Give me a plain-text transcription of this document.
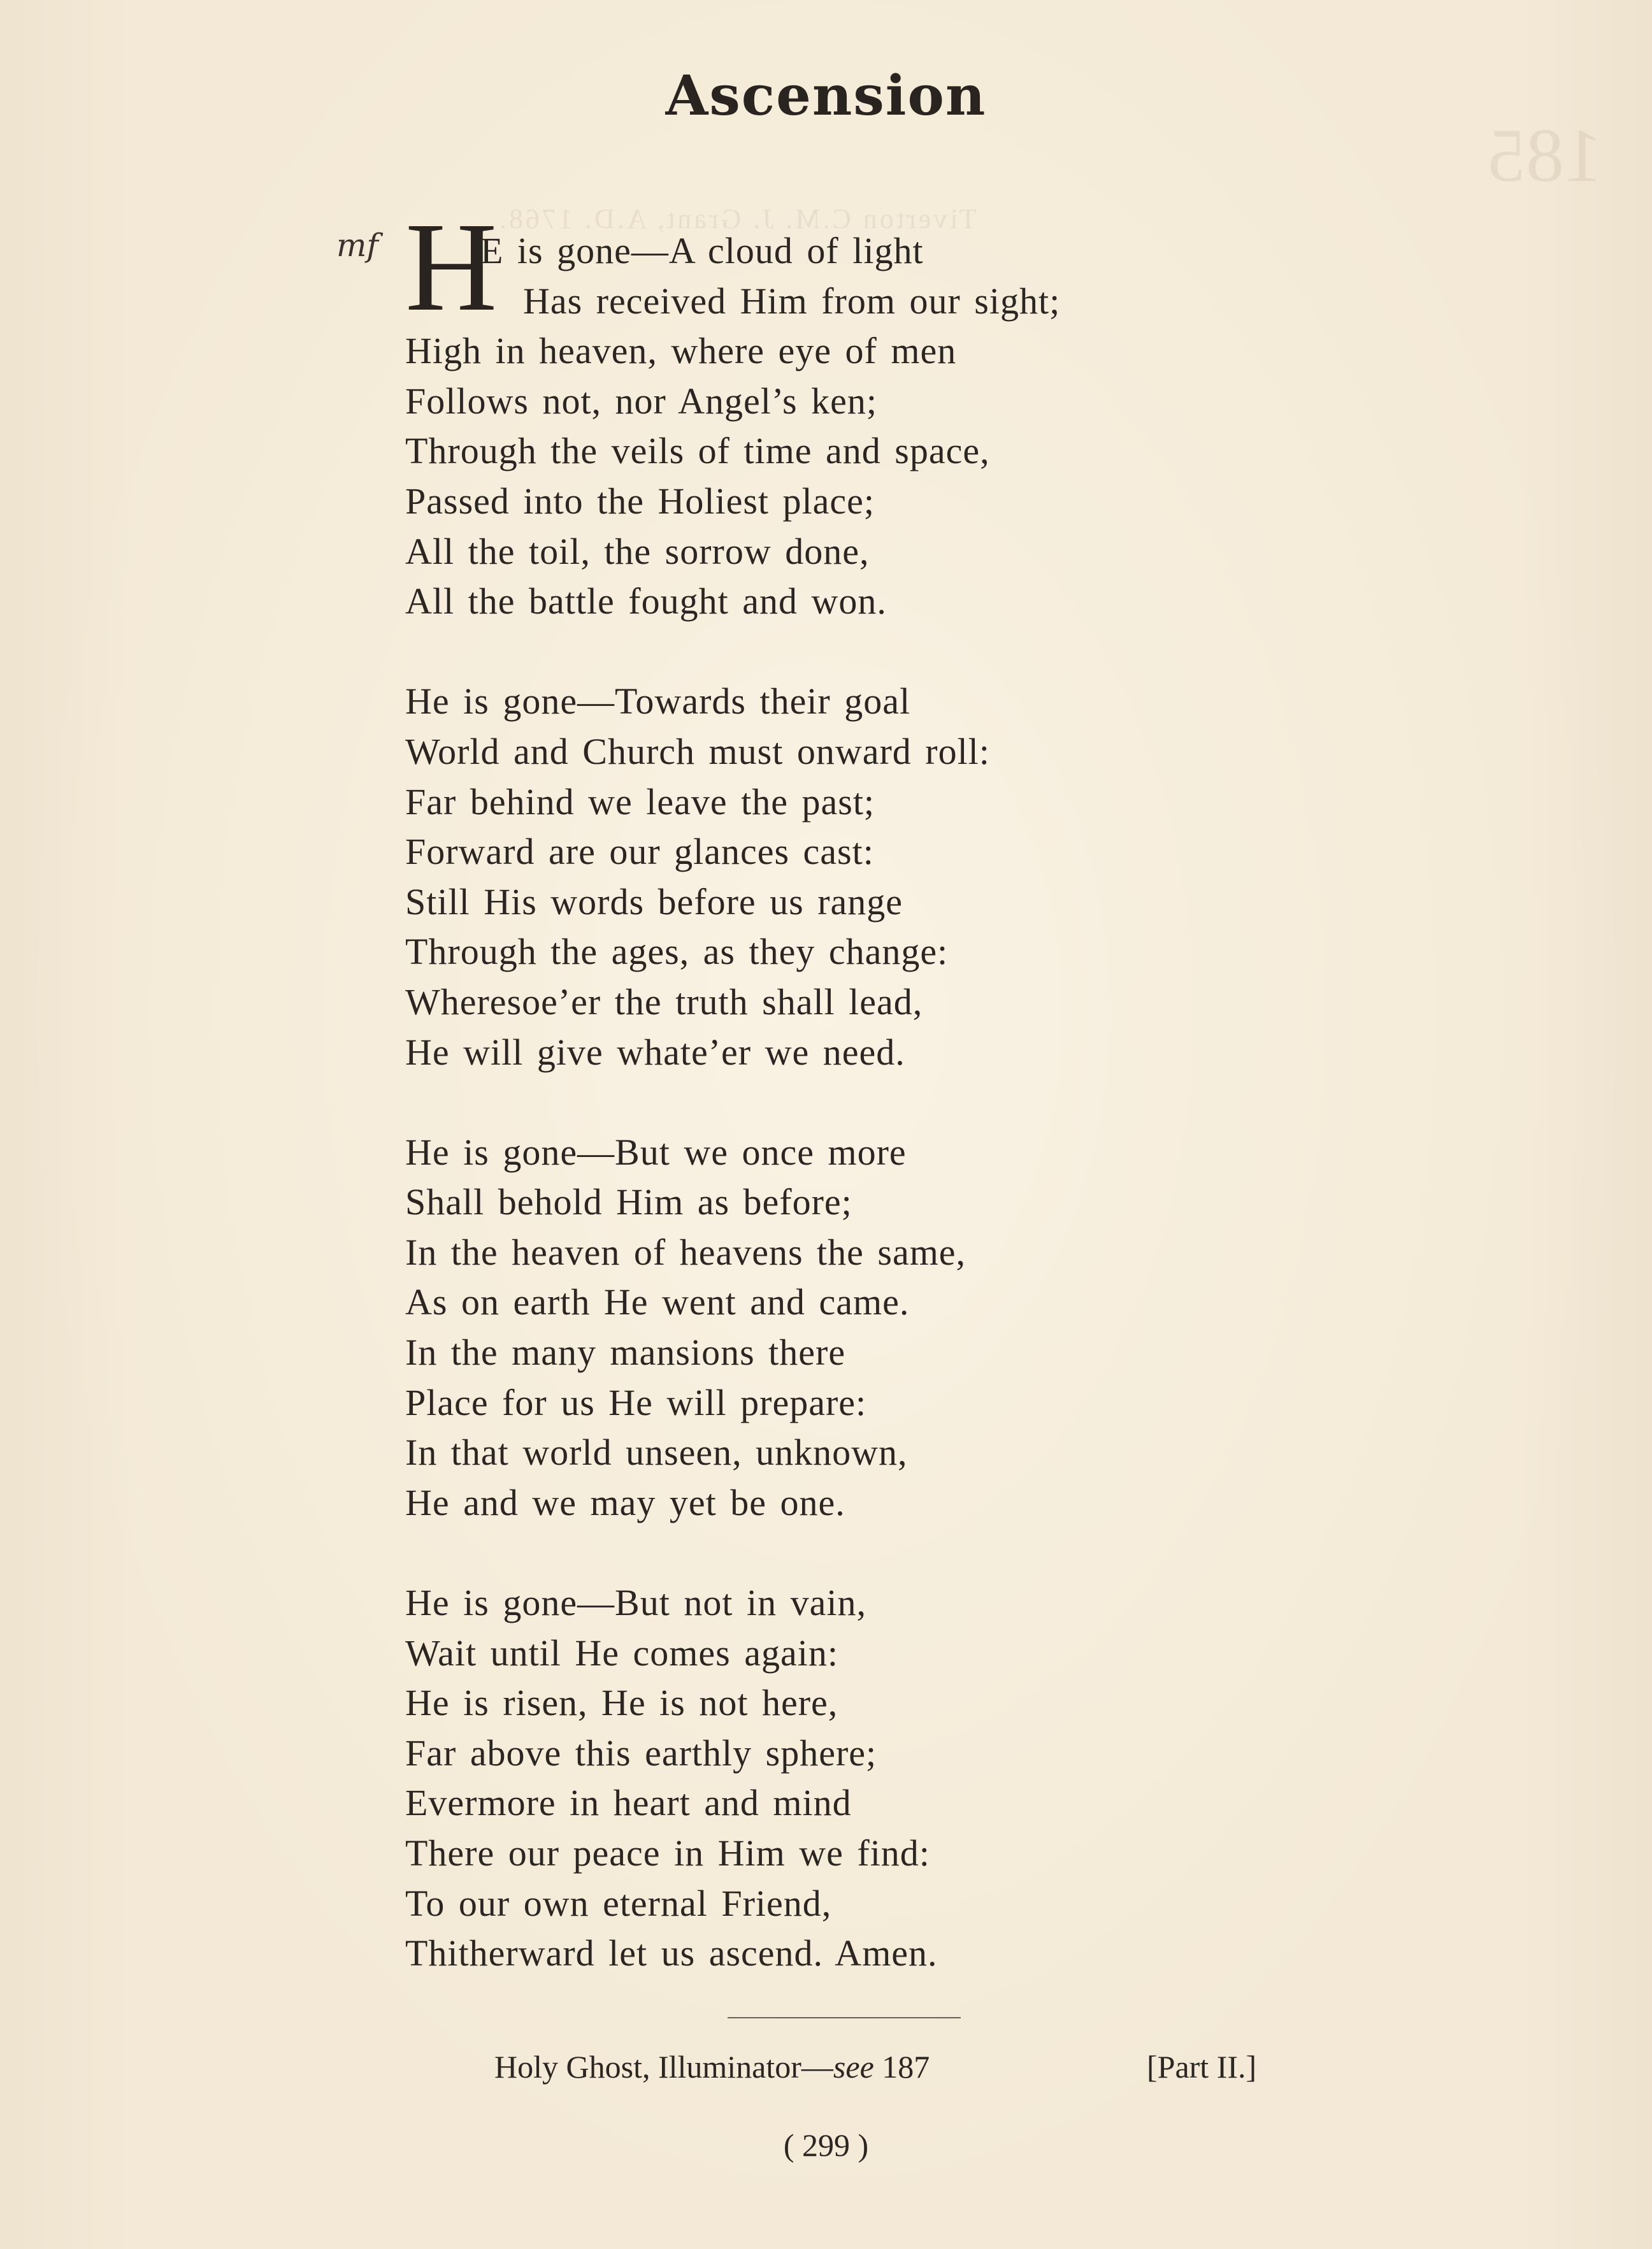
185
Tiverton C.M. J. Grant, A.D. 1768.
Ascension
mf H
E is gone—A cloud of light
Has received Him from our sight;
High in heaven, where eye of men
Follows not, nor Angel’s ken;
Through the veils of time and space,
Passed into the Holiest place;
All the toil, the sorrow done,
All the battle fought and won.
He is gone—Towards their goal
World and Church must onward roll:
Far behind we leave the past;
Forward are our glances cast:
Still His words before us range
Through the ages, as they change:
Wheresoe’er the truth shall lead,
He will give whate’er we need.
He is gone—But we once more
Shall behold Him as before;
In the heaven of heavens the same,
As on earth He went and came.
In the many mansions there
Place for us He will prepare:
In that world unseen, unknown,
He and we may yet be one.
He is gone—But not in vain,
Wait until He comes again:
He is risen, He is not here,
Far above this earthly sphere;
Evermore in heart and mind
There our peace in Him we find:
To our own eternal Friend,
Thitherward let us ascend. Amen.
Holy Ghost, Illuminator—see 187	[Part II.]
( 299 )
